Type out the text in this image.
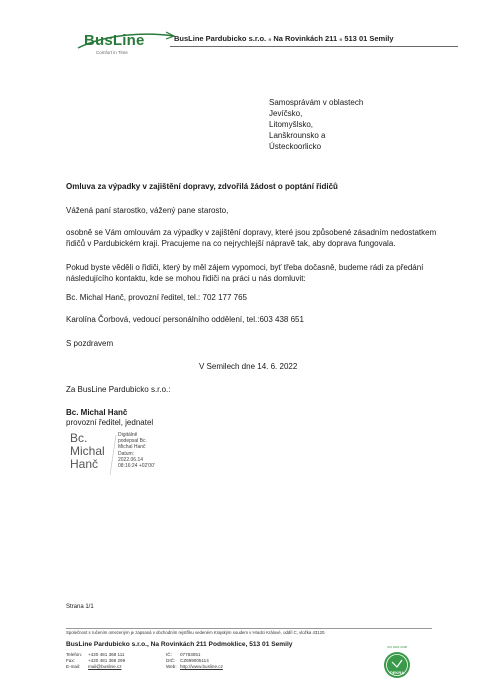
BusLine
Comfort in Time
BusLine Pardubicko s.r.o. ■ Na Rovinkách 211 ■ 513 01 Semily
Samosprávám v oblastech
Jevíčsko,
Litomyšlsko,
Lanškrounsko a
Ústeckoorlicko
Omluva za výpadky v zajištění dopravy, zdvořilá žádost o poptání řidičů
Vážená paní starostko, vážený pane starosto,
osobně se Vám omlouvám za výpadky v zajištění dopravy, které jsou způsobené zásadním nedostatkem
řidičů v Pardubickém kraji. Pracujeme na co nejrychlejší nápravě tak, aby doprava fungovala.
Pokud byste věděli o řidiči, který by měl zájem vypomoci, byť třeba dočasně, budeme rádi za předání
následujícího kontaktu, kde se mohou řidiči na práci u nás domluvit:
Bc. Michal Hanč, provozní ředitel, tel.: 702 177 765
Karolína Čorbová, vedoucí personálního oddělení, tel.:603 438 651
S pozdravem
V Semilech dne 14. 6. 2022
Za BusLine Pardubicko s.r.o.:
Bc. Michal Hanč
provozní ředitel, jednatel
Bc.
Michal
Hanč
Digitálně
podepsal Bc.
Michal Hanč
Datum:
2022.06.14
08:16:24 +02'00'
Strana 1/1
Společnost s ručením omezeným je zapsaná v obchodním rejstříku vedeném Krajským soudem v Hradci Králové, oddíl C, vložka 43120.
BusLine Pardubicko s.r.o., Na Rovinkách 211 Podmoklice, 513 01 Semily
Telefon: +420 481 368 111
Fax:	+420 481 368 299
E-mail: mail@busline.cz
IČ: 07783051
DIČ: CZ699005114
Web: http://www.busline.cz
ISO 9001:2008
DEKRA
